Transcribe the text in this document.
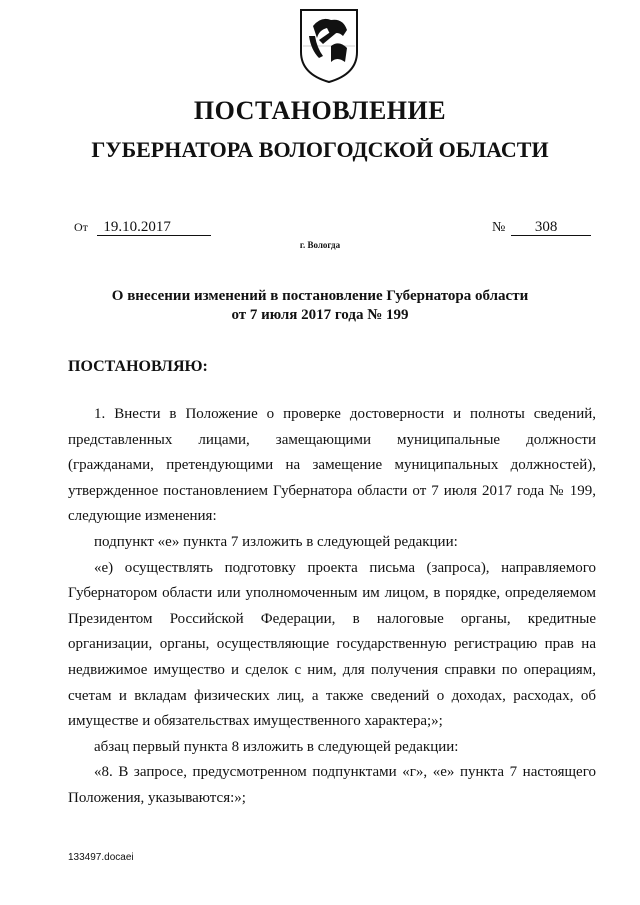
ПОСТАНОВЛЕНИЕ
ГУБЕРНАТОРА ВОЛОГОДСКОЙ ОБЛАСТИ
От 19.10.2017	№ 308
г. Вологда
О внесении изменений в постановление Губернатора области
от 7 июля 2017 года № 199
ПОСТАНОВЛЯЮ:

1. Внести в Положение о проверке достоверности и полноты сведений, представленных лицами, замещающими муниципальные должности (гражданами, претендующими на замещение муниципальных должностей), утвержденное постановлением Губернатора области от 7 июля 2017 года № 199, следующие изменения:

подпункт «е» пункта 7 изложить в следующей редакции:

«е) осуществлять подготовку проекта письма (запроса), направляемого Губернатором области или уполномоченным им лицом, в порядке, определяемом Президентом Российской Федерации, в налоговые органы, кредитные организации, органы, осуществляющие государственную регистрацию прав на недвижимое имущество и сделок с ним, для получения справки по операциям, счетам и вкладам физических лиц, а также сведений о доходах, расходах, об имуществе и обязательствах имущественного характера;»;

абзац первый пункта 8 изложить в следующей редакции:

«8. В запросе, предусмотренном подпунктами «г», «е» пункта 7 настоящего Положения, указываются:»;

133497.docaei
